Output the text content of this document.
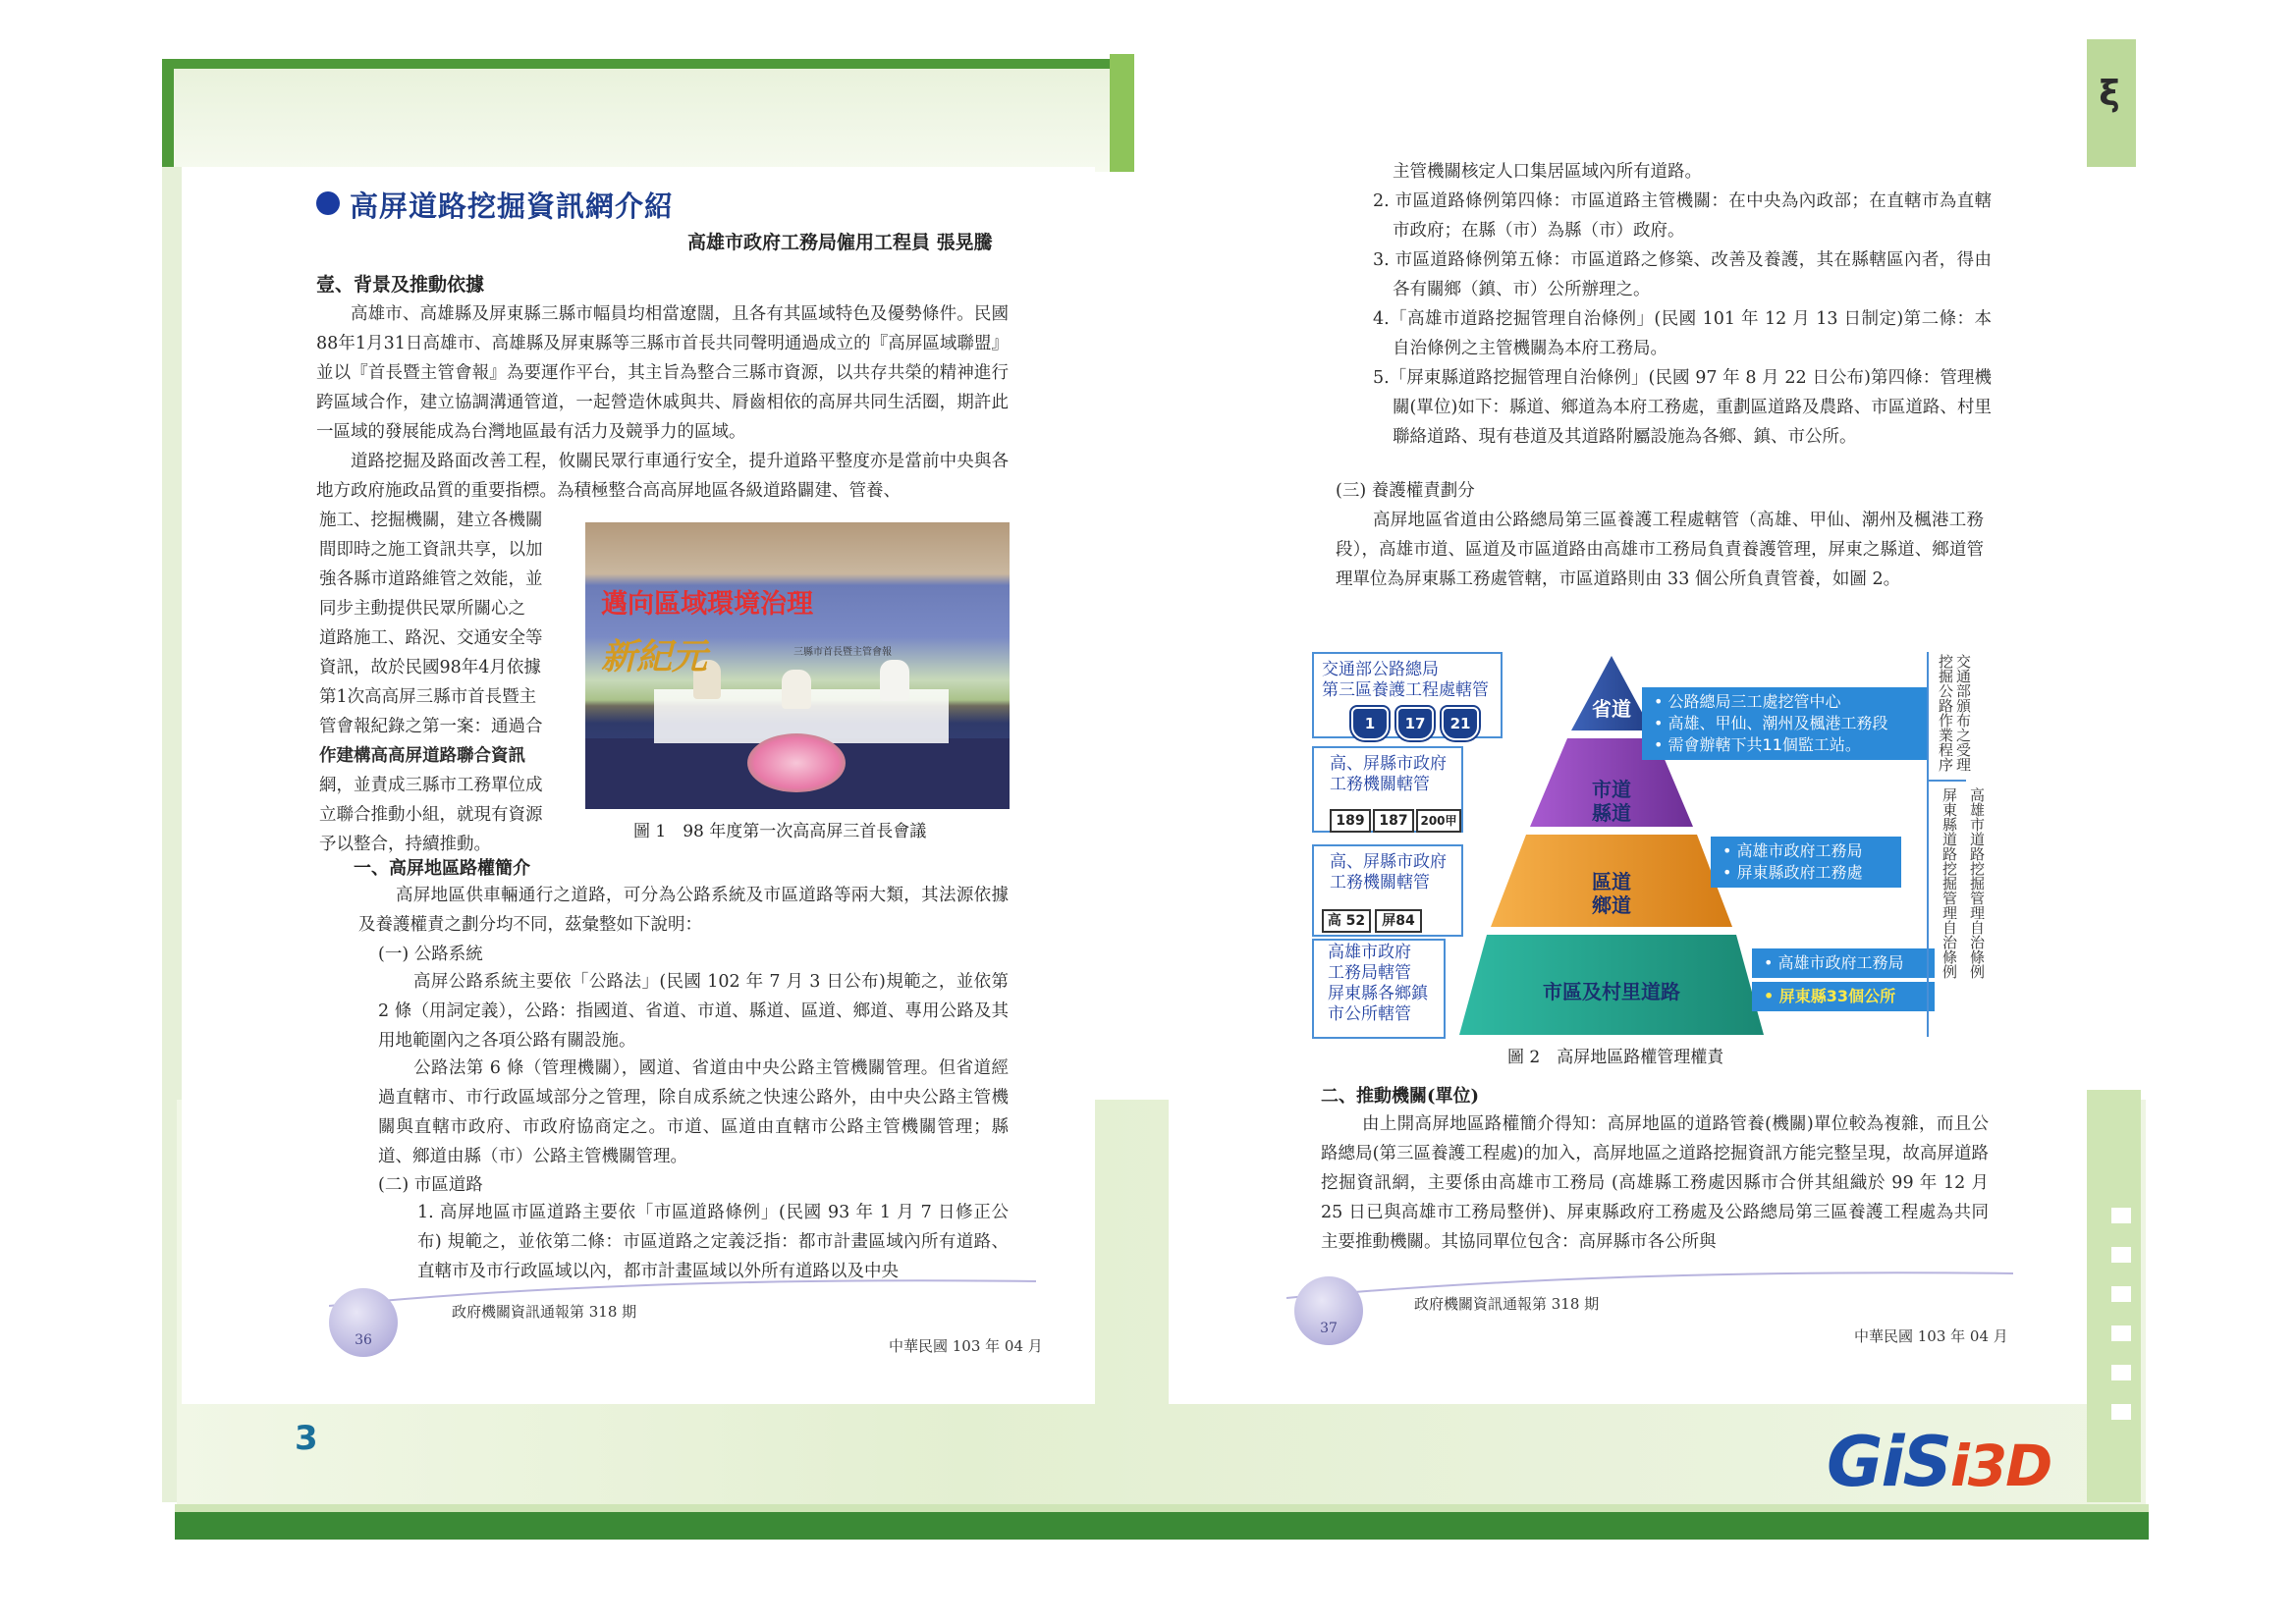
ξ
高屏道路挖掘資訊網介紹
高雄市政府工務局僱用工程員 張晃騰
壹、背景及推動依據
高雄市、高雄縣及屏東縣三縣市幅員均相當遼闊，且各有其區域特色及優勢條件。民國88年1月31日高雄市、高雄縣及屏東縣等三縣市首長共同聲明通過成立的『高屏區域聯盟』並以『首長暨主管會報』為要運作平台，其主旨為整合三縣市資源，以共存共榮的精神進行跨區域合作，建立協調溝通管道，一起營造休戚與共、脣齒相依的高屏共同生活圈，期許此一區域的發展能成為台灣地區最有活力及競爭力的區域。
道路挖掘及路面改善工程，攸關民眾行車通行安全，提升道路平整度亦是當前中央與各地方政府施政品質的重要指標。為積極整合高高屏地區各級道路闢建、管養、
施工、挖掘機關，建立各機關
間即時之施工資訊共享，以加
強各縣市道路維管之效能，並
同步主動提供民眾所關心之
道路施工、路況、交通安全等
資訊，故於民國98年4月依據
第1次高高屏三縣市首長暨主
管會報紀錄之第一案：通過合
作建構高高屏道路聯合資訊
網，並責成三縣市工務單位成
立聯合推動小組，就現有資源
予以整合，持續推動。
邁向區域環境治理
新紀元	三縣市首長暨主管會報
圖 1　98 年度第一次高高屏三首長會議
一、高屏地區路權簡介
高屏地區供車輛通行之道路，可分為公路系統及市區道路等兩大類，其法源依據及養護權責之劃分均不同，茲彙整如下說明：
(一) 公路系統
高屏公路系統主要依「公路法」(民國 102 年 7 月 3 日公布)規範之，並依第 2 條（用詞定義），公路：指國道、省道、市道、縣道、區道、鄉道、專用公路及其用地範圍內之各項公路有關設施。
公路法第 6 條（管理機關），國道、省道由中央公路主管機關管理。但省道經過直轄市、市行政區域部分之管理，除自成系統之快速公路外，由中央公路主管機關與直轄市政府、市政府協商定之。市道、區道由直轄市公路主管機關管理；縣道、鄉道由縣（市）公路主管機關管理。
(二) 市區道路
1. 高屏地區市區道路主要依「市區道路條例」(民國 93 年 1 月 7 日修正公布) 規範之，並依第二條：市區道路之定義泛指：都市計畫區域內所有道路、直轄市及市行政區域以內，都市計畫區域以外所有道路以及中央
36
政府機關資訊通報第 318 期
中華民國 103 年 04 月
主管機關核定人口集居區域內所有道路。

2. 市區道路條例第四條：市區道路主管機關：在中央為內政部；在直轄市為直轄市政府；在縣（市）為縣（市）政府。

3. 市區道路條例第五條：市區道路之修築、改善及養護，其在縣轄區內者，得由各有關鄉（鎮、市）公所辦理之。

4.「高雄市道路挖掘管理自治條例」(民國 101 年 12 月 13 日制定)第二條：本自治條例之主管機關為本府工務局。

5.「屏東縣道路挖掘管理自治條例」(民國 97 年 8 月 22 日公布)第四條：管理機關(單位)如下：縣道、鄉道為本府工務處，重劃區道路及農路、市區道路、村里聯絡道路、現有巷道及其道路附屬設施為各鄉、鎮、市公所。

(三) 養護權責劃分
高屏地區省道由公路總局第三區養護工程處轄管（高雄、甲仙、潮州及楓港工務段），高雄市道、區道及市區道路由高雄市工務局負責養護管理，屏東之縣道、鄉道管理單位為屏東縣工務處管轄，市區道路則由 33 個公所負責管養，如圖 2。
交通部公路總局
第三區養護工程處轄管
1	17	21
高、屏縣市政府
工務機關轄管
189	187	200甲
高、屏縣市政府
工務機關轄管
高 52	屏84
高雄市政府
工務局轄管
屏東縣各鄉鎮
市公所轄管
省道
市道
縣道
區道
鄉道
市區及村里道路
• 公路總局三工處挖管中心
• 高雄、甲仙、潮州及楓港工務段
• 需會辦轄下共11個監工站。
• 高雄市政府工務局
• 屏東縣政府工務處
• 高雄市政府工務局
• 屏東縣33個公所
交通部頒布之受理挖掘公路作業程序
屏東縣道路挖掘管理自治條例 高雄市道路挖掘管理自治條例
圖 2　高屏地區路權管理權責
二、推動機關(單位)
由上開高屏地區路權簡介得知：高屏地區的道路管養(機關)單位較為複雜，而且公路總局(第三區養護工程處)的加入，高屏地區之道路挖掘資訊方能完整呈現，故高屏道路挖掘資訊網，主要係由高雄市工務局 (高雄縣工務處因縣市合併其組織於 99 年 12 月 25 日已與高雄市工務局整併)、屏東縣政府工務處及公路總局第三區養護工程處為共同主要推動機關。其協同單位包含：高屏縣市各公所與
37
政府機關資訊通報第 318 期
中華民國 103 年 04 月
3	GiSi3D
